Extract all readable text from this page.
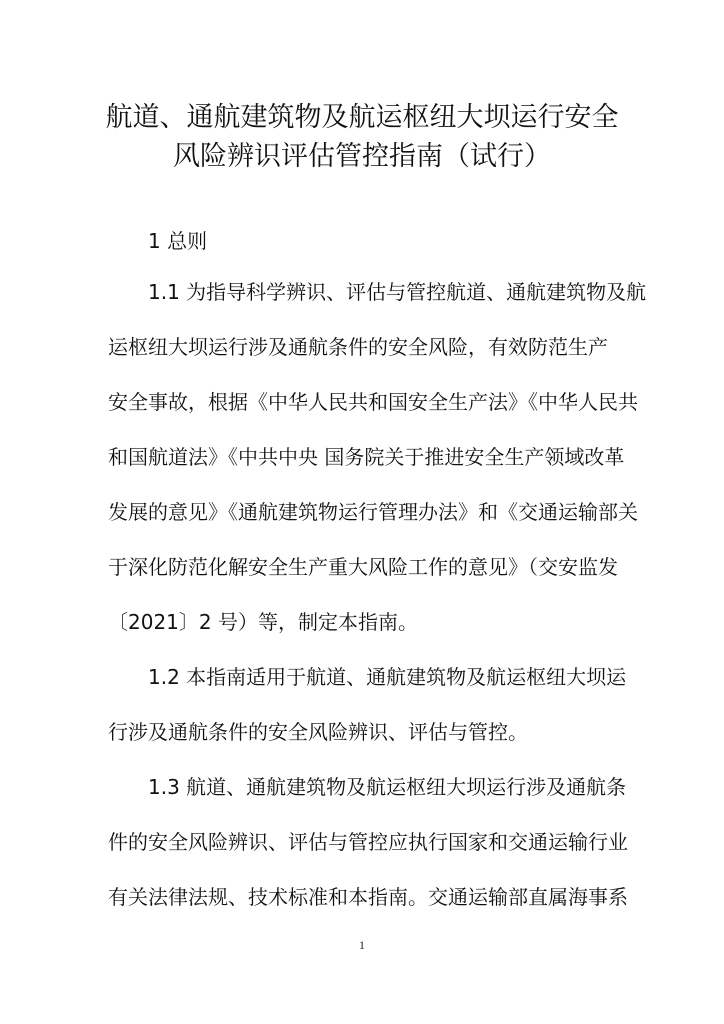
航道、通航建筑物及航运枢纽大坝运行安全
风险辨识评估管控指南（试行）
1 总则
1.1 为指导科学辨识、评估与管控航道、通航建筑物及航
运枢纽大坝运行涉及通航条件的安全风险，有效防范生产
安全事故，根据《中华人民共和国安全生产法》《中华人民共
和国航道法》《中共中央 国务院关于推进安全生产领域改革
发展的意见》《通航建筑物运行管理办法》和《交通运输部关
于深化防范化解安全生产重大风险工作的意见》（交安监发
〔2021〕2 号）等，制定本指南。
1.2 本指南适用于航道、通航建筑物及航运枢纽大坝运
行涉及通航条件的安全风险辨识、评估与管控。
1.3 航道、通航建筑物及航运枢纽大坝运行涉及通航条
件的安全风险辨识、评估与管控应执行国家和交通运输行业
有关法律法规、技术标准和本指南。交通运输部直属海事系
1
